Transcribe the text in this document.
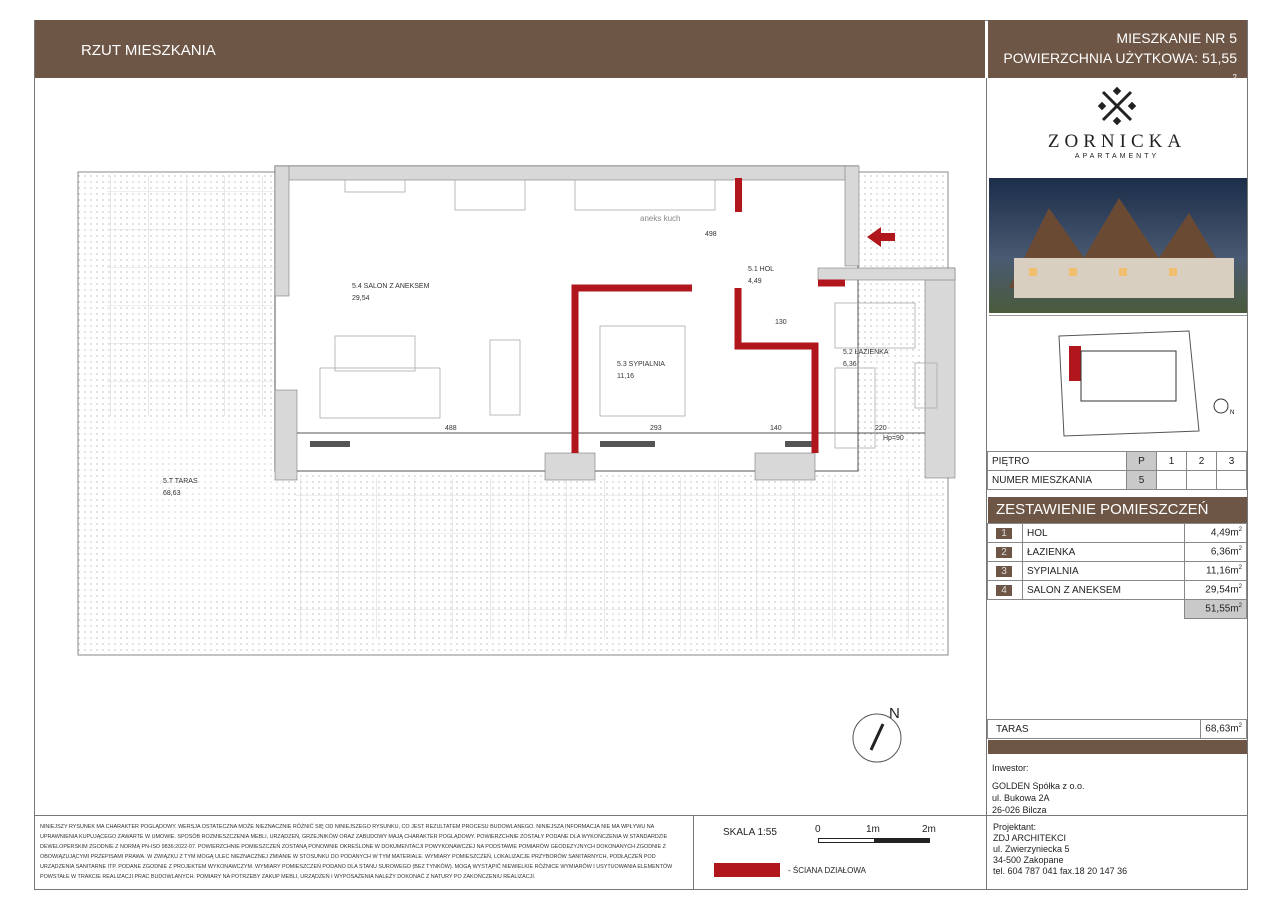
RZUT MIESZKANIA
MIESZKANIE NR 5
POWIERZCHNIA UŻYTKOWA: 51,55 $m^2$
5.4 SALON Z ANEKSEM
29,54
5.3 SYPIALNIA
11,16
5.1 HOL
4,49
5.2 ŁAZIENKA
6,36
5.T TARAS
68,63
aneks kuch
498
488	293	140	220
130
Hp=90
N
ZORNICKA
APARTAMENTY
N
PIĘTRO	P	1	2	3
NUMER MIESZKANIA	5			
ZESTAWIENIE POMIESZCZEŃ
1	HOL	$4,49m^2$

2	ŁAZIENKA	$6,36m^2$

3	SYPIALNIA	$11,16m^2$

4	SALON Z ANEKSEM	$29,54m^2$
		$51,55m^2$
TARAS	$68,63m^2$
Inwestor:
GOLDEN Spółka z o.o.
ul. Bukowa 2A
26-026 Bilcza
NINIEJSZY RYSUNEK MA CHARAKTER POGLĄDOWY. WERSJA OSTATECZNA MOŻE NIEZNACZNIE RÓŻNIĆ SIĘ OD NINIEJSZEGO RYSUNKU, CO JEST REZULTATEM PROCESU BUDOWLANEGO. NINIEJSZA INFORMACJA NIE MA WPŁYWU NA UPRAWNIENIA KUPUJĄCEGO ZAWARTE W UMOWIE. SPOSÓB ROZMIESZCZENIA MEBLI, URZĄDZEŃ, GRZEJNIKÓW ORAZ ZABUDOWY MAJĄ CHARAKTER POGLĄDOWY. POWIERZCHNIE ZOSTAŁY PODANE DLA WYKOŃCZENIA W STANDARDZIE DEWELOPERSKIM ZGODNIE Z NORMĄ PN-ISO 9836:2022-07. POWIERZCHNIE POMIESZCZEŃ ZOSTANĄ PONOWNIE OKREŚLONE W DOKUMENTACJI POWYKONAWCZEJ NA PODSTAWIE POMIARÓW GEODEZYJNYCH DOKONANYCH ZGODNIE Z OBOWIĄZUJĄCYMI PRZEPISAMI PRAWA. W ZWIĄZKU Z TYM MOGĄ ULEC NIEZNACZNEJ ZMIANIE W STOSUNKU DO PODANYCH W TYM MATERIALE. WYMIARY POMIESZCZEŃ, LOKALIZACJE PRZYBORÓW SANITARNYCH, PODŁĄCZEŃ POD URZĄDZENIA SANITARNE ITP. PODANE ZGODNIE Z PROJEKTEM WYKONAWCZYM. WYMIARY POMIESZCZEŃ PODANO DLA STANU SUROWEGO (BEZ TYNKÓW). MOGĄ WYSTĄPIĆ NIEWIELKIE RÓŻNICE WYMIARÓW I USYTUOWANIA ELEMENTÓW POWSTAŁE W TRAKCIE REALIZACJI PRAC BUDOWLANYCH. POMIARY NA POTRZEBY ZAKUP MEBLI, URZĄDZEŃ I WYPOSAŻENIA NALEŻY DOKONAĆ Z NATURY PO ZAKOŃCZENIU REALIZACJI.
SKALA 1:55	0	1m	2m
- ŚCIANA DZIAŁOWA
Projektant:
ZDJ ARCHITEKCI
ul. Zwierzyniecka 5
34-500 Zakopane
tel. 604 787 041 fax.18 20 147 36
